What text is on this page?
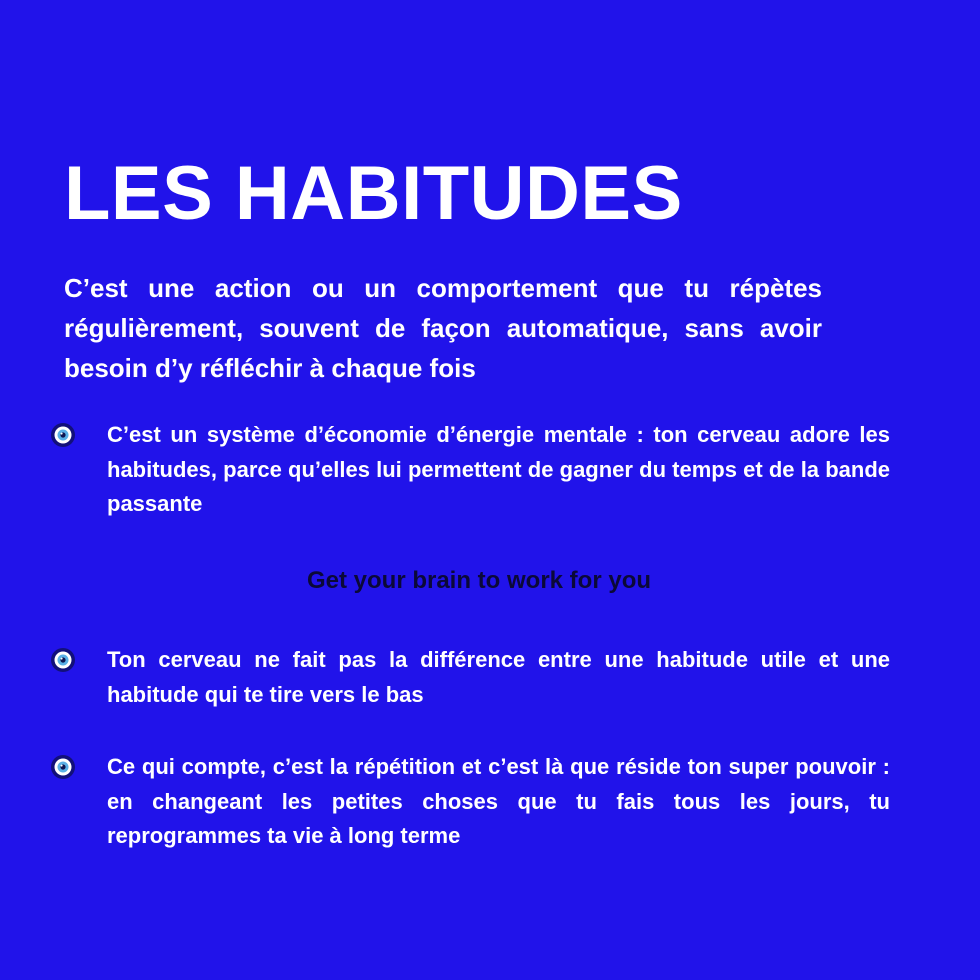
LES HABITUDES

C’est une action ou un comportement que tu répètes régulièrement, souvent de façon automatique, sans avoir besoin d’y réfléchir à chaque fois

C’est un système d’économie d’énergie mentale : ton cerveau adore les habitudes, parce qu’elles lui permettent de gagner du temps et de la bande passante

Get your brain to work for you

Ton cerveau ne fait pas la différence entre une habitude utile et une habitude qui te tire vers le bas

Ce qui compte, c’est la répétition et c’est là que réside ton super pouvoir : en changeant les petites choses que tu fais tous les jours, tu reprogrammes ta vie à long terme
